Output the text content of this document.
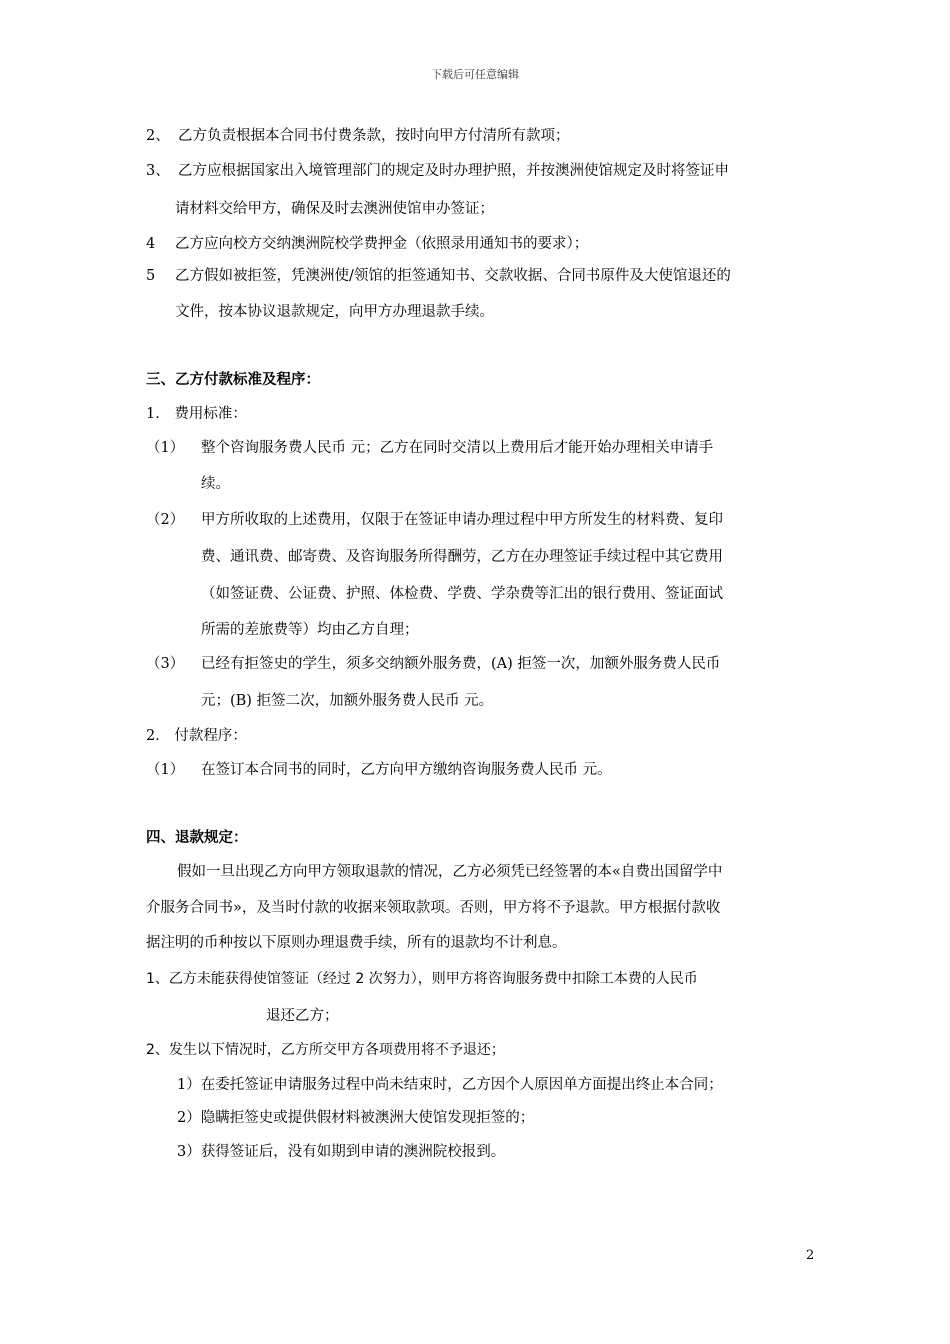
下载后可任意编辑
2、 乙方负责根据本合同书付费条款，按时向甲方付清所有款项；
3、 乙方应根据国家出入境管理部门的规定及时办理护照，并按澳洲使馆规定及时将签证申
请材料交给甲方，确保及时去澳洲使馆申办签证；
4 乙方应向校方交纳澳洲院校学费押金（依照录用通知书的要求）；
5 乙方假如被拒签，凭澳洲使/领馆的拒签通知书、交款收据、合同书原件及大使馆退还的
文件，按本协议退款规定，向甲方办理退款手续。
三、乙方付款标准及程序：
1． 费用标准：
（1） 整个咨询服务费人民币 元；乙方在同时交清以上费用后才能开始办理相关申请手
续。
（2） 甲方所收取的上述费用，仅限于在签证申请办理过程中甲方所发生的材料费、复印
费、通讯费、邮寄费、及咨询服务所得酬劳，乙方在办理签证手续过程中其它费用
（如签证费、公证费、护照、体检费、学费、学杂费等汇出的银行费用、签证面试
所需的差旅费等）均由乙方自理；
（3） 已经有拒签史的学生，须多交纳额外服务费，(A) 拒签一次，加额外服务费人民币
元；(B) 拒签二次，加额外服务费人民币 元。
2． 付款程序：
（1） 在签订本合同书的同时，乙方向甲方缴纳咨询服务费人民币 元。
四、退款规定：
假如一旦出现乙方向甲方领取退款的情况，乙方必须凭已经签署的本«自费出国留学中
介服务合同书»，及当时付款的收据来领取款项。否则，甲方将不予退款。甲方根据付款收
据注明的币种按以下原则办理退费手续，所有的退款均不计利息。
1、乙方未能获得使馆签证（经过 2 次努力），则甲方将咨询服务费中扣除工本费的人民币
退还乙方；
2、发生以下情况时，乙方所交甲方各项费用将不予退还；
1）在委托签证申请服务过程中尚未结束时，乙方因个人原因单方面提出终止本合同；
2）隐瞒拒签史或提供假材料被澳洲大使馆发现拒签的；
3）获得签证后，没有如期到申请的澳洲院校报到。
2
